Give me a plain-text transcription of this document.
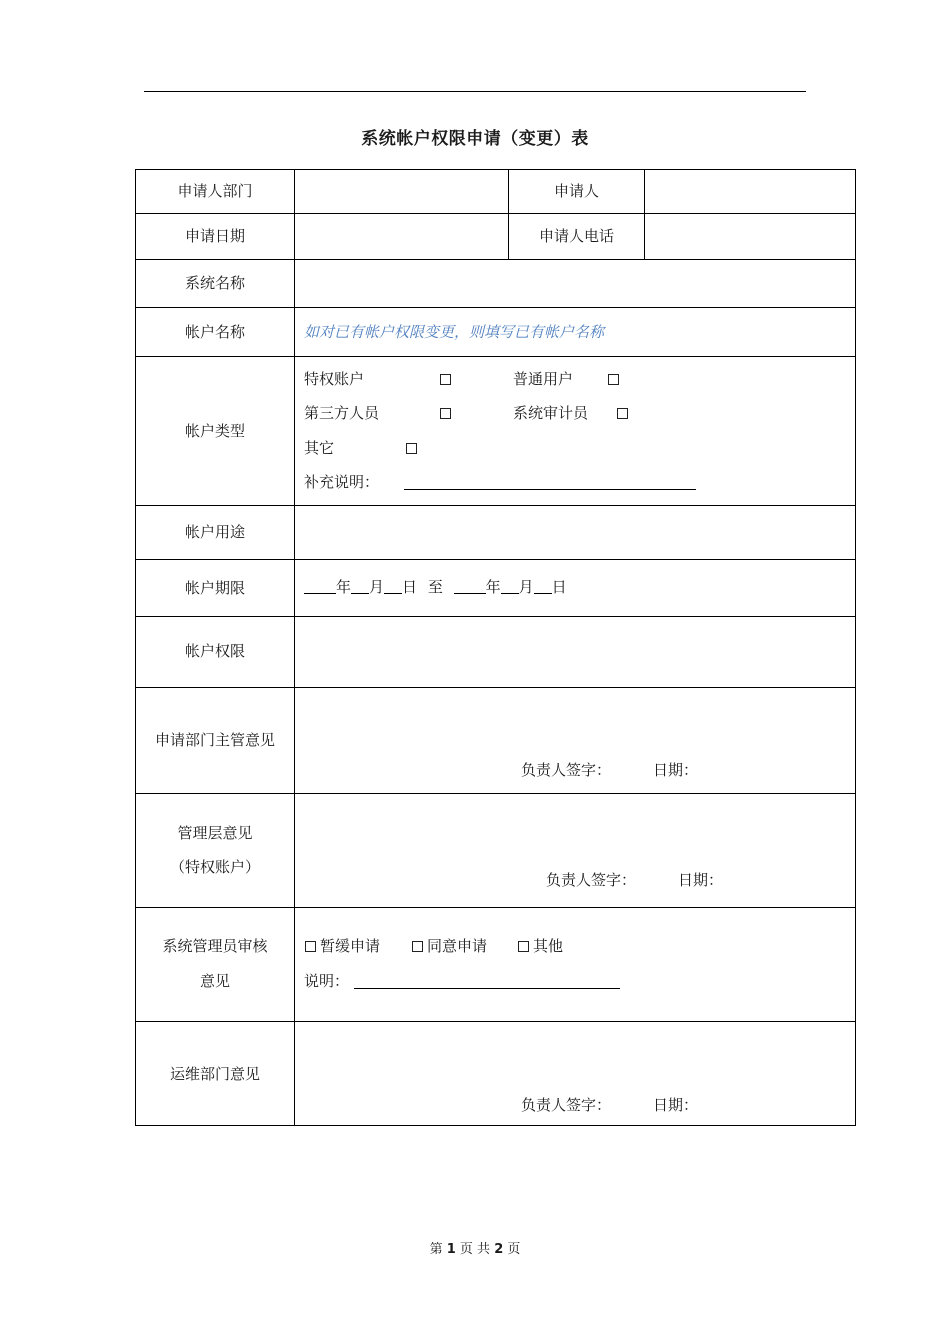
系统帐户权限申请（变更）表
申请人部门	申请人
申请日期	申请人电话
系统名称
帐户名称	如对已有帐户权限变更，则填写已有帐户名称
帐户类型
特权账户	普通用户
第三方人员	系统审计员
其它
补充说明：
帐户用途
帐户期限	年 月 日 至	年 月 日
帐户权限
申请部门主管意见
负责人签字：	日期：
管理层意见
（特权账户）
负责人签字：	日期：
系统管理员审核
意见
暂缓申请	同意申请	其他
说明：
运维部门意见
负责人签字：	日期：
第 1 页 共 2 页
